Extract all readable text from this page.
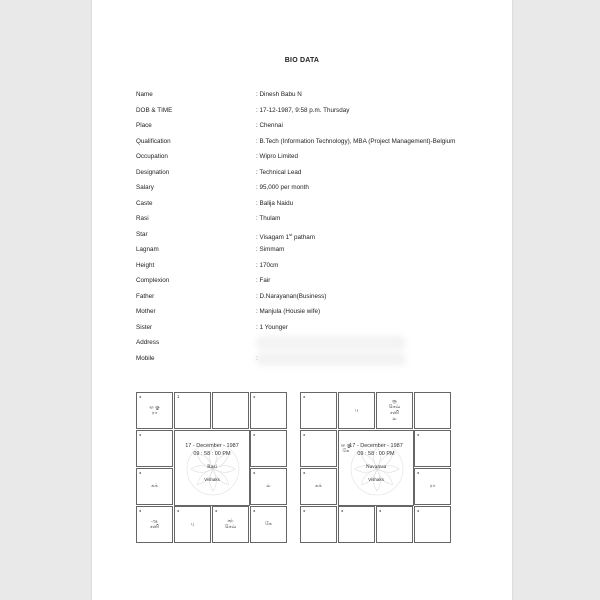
BIO DATA
⁎
ஒ கு
ரா
1	⁎
⁎	⁎
⁎
சுக்
⁎
ல
⁎
ஆ
சனி
⁎
பு
⁎
சந்
செவ்
⁎
கே
17 - December - 1987
09 : 58 : 00 PM
Rasi
Vishaks
⁎
பு
சூ
செவ்
சனி
ல
⁎	⁎
⁎
சுக்
⁎
ரா
⁎	⁎	⁎	⁎
17 - December - 1987
09 : 58 : 00 PM
Navamsa
Vishaks
ஒ கு
கே
Name	: Dinesh Babu N
DOB & TIME	: 17-12-1987, 9:58 p.m. Thursday
Place	: Chennai
Qualification	: B.Tech (Information Technology), MBA (Project Management)-Belgium
Occupation	: Wipro Limited
Designation	: Technical Lead
Salary	: 95,000 per month
Caste	: Balija Naidu
Rasi	: Thulam
Star	: Visagam 1st patham
Lagnam	: Simmam
Height	: 170cm
Complexion	: Fair
Father	: D.Narayanan(Business)
Mother	: Manjula (Housie wife)
Sister	: 1 Younger
Address
Mobile
